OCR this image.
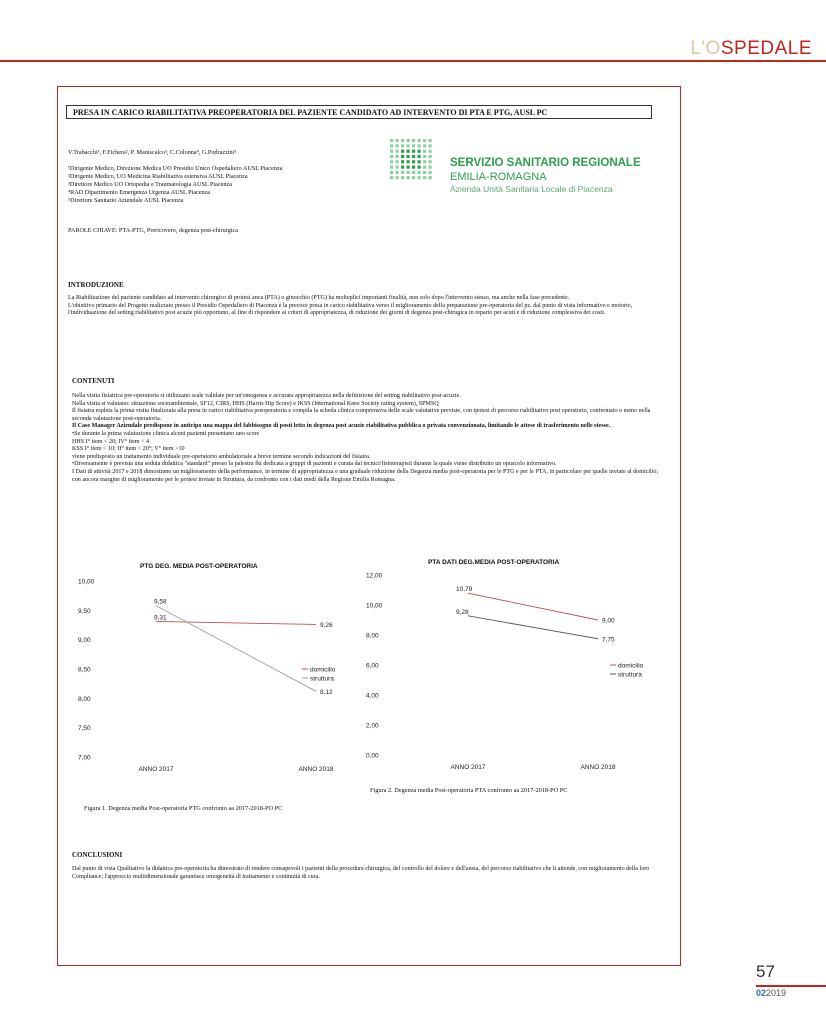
L'OSPEDALE
PRESA IN CARICO RIABILITATIVA PREOPERATORIA DEL PAZIENTE CANDIDATO AD INTERVENTO DI PTA E PTG, AUSL PC
V.Trabacchi¹, F.Fichera², P. Maniscalco³, C.Colonna⁴, G.Podrazzini⁵
¹Dirigente Medico, Direzione Medica UO Presidio Unico Ospedaliero AUSL Piacenza
²Dirigente Medico, UO Medicina Riabilitativa estensiva AUSL Piacenza
³Direttore Medico UO Ortopedia e Traumatologia AUSL Piacenza
⁴RAD Dipartimento Emergenza Urgenza AUSL Piacenza
⁵Direttore Sanitario Aziendale AUSL Piacenza
SERVIZIO SANITARIO REGIONALE
EMILIA-ROMAGNA
Azienda Unità Sanitaria Locale di Piacenza
PAROLE CHIAVE: PTA-PTG, Prericovero, degenza post-chirurgica
INTRODUZIONE
La Riabilitazione del paziente candidato ad intervento chirurgico di protesi anca (PTA) o ginocchio (PTG) ha molteplici importanti finalità, non solo dopo l'intervento stesso, ma anche nella fase precedente.
L'obiettivo primario del Progetto realizzato presso il Presidio Ospedaliero di Piacenza è la precoce presa in carico riabilitativa verso il miglioramento della preparazione pre-operatoria del pz. dal punto di vista informativo e motorio, l'individuazione del setting riabilitativo post acuzie più opportuno, al fine di rispondere ai criteri di appropriatezza, di riduzione dei giorni di degenza post-chirugica in reparto per acuti e di riduzione complessiva dei costi.
CONTENUTI
Nella visita fisiatrica pre-operatoria si utilizzano scale validate per un'omogenea e accurata appropriatezza nella definizione del setting riabilitativo post-acuzie.
Nella visita si valutano: situazione socioambientale, SF12, CIRS, HHS (Harris Hip Score) e IKSS (International Knee Society rating system), SPMSQ
Il fisiatra espleta la prima visita finalizzata alla presa in carico riabilitativa preoperatoria e compila la scheda clinica comprensiva delle scale valutative previste, con ipotesi di percorso riabilitativo post operatorio, confermato o meno nella seconda valutazione post-operatoria.
Il Case Manager Aziendale predispone in anticipo una mappa del fabbisogno di posti letto in degenza post acuzie riabilitativa pubblica o privata convenzionata, limitando le attese di trasferimento nelle stesse.
•Se durante la prima valutazione clinica alcuni pazienti presentano uno score
HHS I° item < 20; IV° item < 4
KSS I° item < 10; II° item < 20°; V° item >10
viene predisposto un trattamento individuale pre-operatorio ambulatoriale a breve termine secondo indicazioni del fisiatra.
•Diversamente è prevista una seduta didattica "standard" presso la palestra fkt dedicata a gruppi di pazienti e curata dai tecnici/fisioterapisti durante la quale viene distribuito un opuscolo informativo.
I Dati di attività 2017 e 2018 dimostrano un miglioramento della performance, in termine di appropriatezza e una graduale riduzione della Degenza media post-operatoria per le PTG e per le PTA, in particolare per quelle inviate al domicilio; con ancora margine di miglioramento per le protesi inviate in Struttura, da confronto con i dati medi della Regione Emilia Romagna.
PTG DEG. MEDIA POST-OPERATORIA
10,00
9,50
9,00
8,50
8,00
7,50
7,00
ANNO 2017	ANNO 2018
9,58
9,31
9,26
8,12
domicilio
struttura
Figura 1. Degenza media Post-operatoria PTG confronto aa 2017-2018-PO PC
PTA DATI DEG.MEDIA POST-OPERATORIA
12,00
10,00
8,00
6,00
4,00
2,00
0,00
ANNO 2017	ANNO 2018
10,79
9,28
9,00
7,75
domicilio
struttura
Figura 2. Degenza media Post-operatoria PTA confronto aa 2017-2018-PO PC
CONCLUSIONI
Dal punto di vista Qualitativo la didattica pre-operatoria ha dimostrato di rendere consapevoli i pazienti della procedura chirurgica, del controllo del dolore e dell'ansia, del percorso riabilitativo che li attende, con miglioramento della loro Compliance; l'approccio multidimensionale garantisce omogeneità di trattamento e continuità di cura.
57
022019
